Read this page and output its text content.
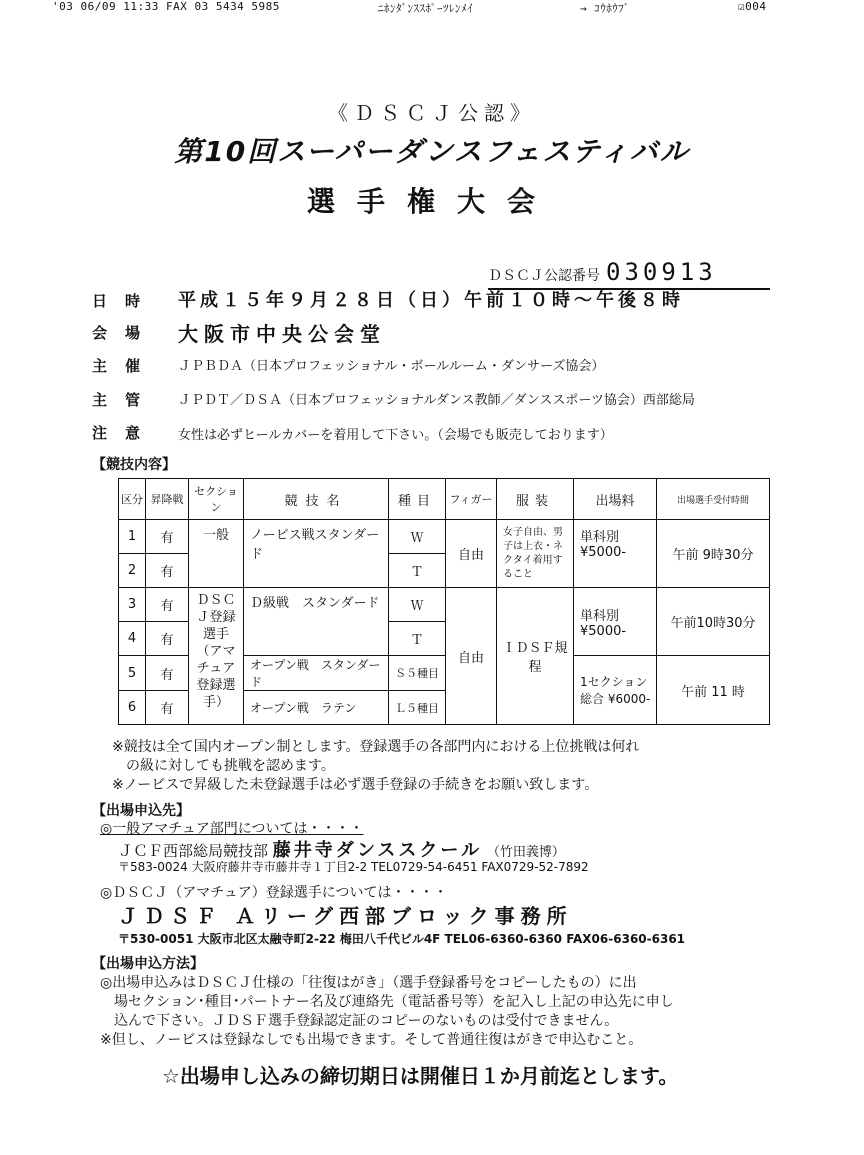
'03 06/09 11:33 FAX 03 5434 5985	ﾆﾎﾝﾀﾞﾝｽｽﾎﾟｰﾂﾚﾝﾒｲ	→ ｺｳﾎｳﾌﾞ	☑004
《ＤＳＣＪ公認》
第10回スーパーダンスフェスティバル
選手権大会
ＤＳＣＪ公認番号 030913
日時 平成１５年９月２８日（日）午前１０時～午後８時
会場 大阪市中央公会堂
主催 ＪＰＢＤＡ（日本プロフェッショナル・ボールルーム・ダンサーズ協会）
主管 ＪＰＤＴ／ＤＳＡ（日本プロフェッショナルダンス教師／ダンススポーツ協会）西部総局
注意 女性は必ずヒールカバーを着用して下さい。（会場でも販売しております）
【競技内容】
区分	昇降戦	セクション	競技名	種目	フィガー	服装	出場料	出場選手受付時間
1	有	一般	ノービス戦スタンダード	Ｗ	自由	女子自由、男子は上衣・ネクタイ着用すること	単科別 ¥5000-	午前 9時30分
2	有			Ｔ				
3	有	ＤＳＣＪ登録選手（アマチュア登録選手）	Ｄ級戦　スタンダード	Ｗ	自由	ＩＤＳＦ規程	単科別 ¥5000-	午前10時30分
4	有			Ｔ				
5	有		オープン戦　スタンダード	Ｓ５種目			1セクション総合 ¥6000-	午前 11 時
6	有		オープン戦　ラテン	Ｌ５種目				
※競技は全て国内オープン制とします。登録選手の各部門内における上位挑戦は何れ
　の級に対しても挑戦を認めます。
※ノービスで昇級した未登録選手は必ず選手登録の手続きをお願い致します。
【出場申込先】
◎一般アマチュア部門については・・・・
ＪＣＦ西部総局競技部 藤井寺ダンススクール （竹田義博）
〒583-0024 大阪府藤井寺市藤井寺１丁目2-2 TEL0729-54-6451 FAX0729-52-7892
◎ＤＳＣＪ（アマチュア）登録選手については・・・・
ＪＤＳＦ Ａリーグ西部ブロック事務所
〒530-0051 大阪市北区太融寺町2-22 梅田八千代ビル4F TEL06-6360-6360 FAX06-6360-6361
【出場申込方法】
◎出場申込みはＤＳＣＪ仕様の「往復はがき」（選手登録番号をコピーしたもの）に出
　場セクション･種目･パートナー名及び連絡先（電話番号等）を記入し上記の申込先に申し
　込んで下さい。ＪＤＳＦ選手登録認定証のコピーのないものは受付できません。
※但し、ノービスは登録なしでも出場できます。そして普通往復はがきで申込むこと。
☆出場申し込みの締切期日は開催日１か月前迄とします。
